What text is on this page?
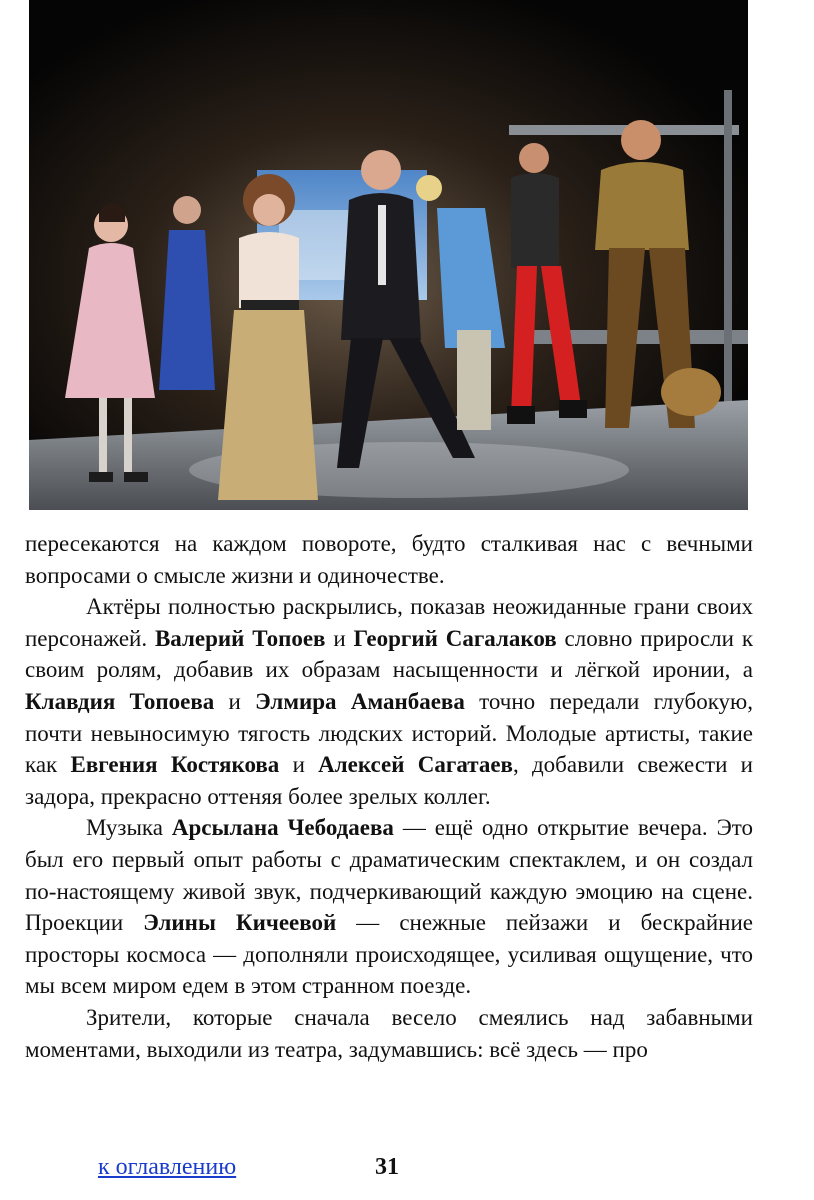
пересекаются на каждом повороте, будто сталкивая нас с вечными вопросами о смысле жизни и одиночестве.

Актёры полностью раскрылись, показав неожиданные грани своих персонажей. Валерий Топоев и Георгий Сагалаков словно приросли к своим ролям, добавив их образам насыщенности и лёгкой иронии, а Клавдия Топоева и Элмира Аманбаева точно передали глубокую, почти невыносимую тягость людских историй. Молодые артисты, такие как Евгения Костякова и Алексей Сагатаев, добавили свежести и задора, прекрасно оттеняя более зрелых коллег.

Музыка Арсылана Чебодаева — ещё одно открытие вечера. Это был его первый опыт работы с драматическим спектаклем, и он создал по-настоящему живой звук, подчеркивающий каждую эмоцию на сцене. Проекции Элины Кичеевой — снежные пейзажи и бескрайние просторы космоса — дополняли происходящее, усиливая ощущение, что мы всем миром едем в этом странном поезде.

Зрители, которые сначала весело смеялись над забавными моментами, выходили из театра, задумавшись: всё здесь — про

к оглавлению	31
